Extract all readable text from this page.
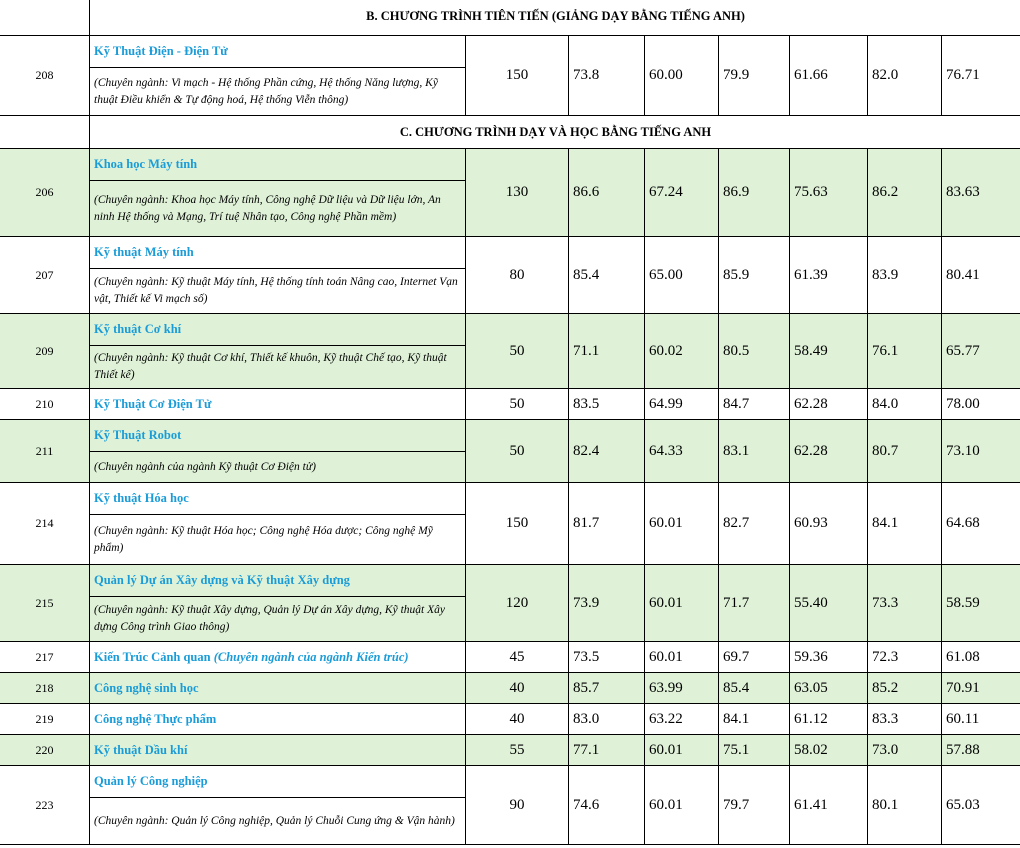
	B. CHƯƠNG TRÌNH TIÊN TIẾN (GIẢNG DẠY BẰNG TIẾNG ANH)							
208	Kỹ Thuật Điện - Điện Tử	150	73.8	60.00	79.9	61.66	82.0	76.71
	(Chuyên ngành: Vi mạch - Hệ thống Phần cứng, Hệ thống Năng lượng, Kỹ thuật Điều khiển & Tự động hoá, Hệ thống Viễn thông)							
	C. CHƯƠNG TRÌNH DẠY VÀ HỌC BẰNG TIẾNG ANH							
206	Khoa học Máy tính	130	86.6	67.24	86.9	75.63	86.2	83.63
	(Chuyên ngành: Khoa học Máy tính, Công nghệ Dữ liệu và Dữ liệu lớn, An ninh Hệ thống và Mạng, Trí tuệ Nhân tạo, Công nghệ Phần mềm)							
207	Kỹ thuật Máy tính	80	85.4	65.00	85.9	61.39	83.9	80.41
	(Chuyên ngành: Kỹ thuật Máy tính, Hệ thống tính toán Nâng cao, Internet Vạn vật, Thiết kế Vi mạch số)							
209	Kỹ thuật Cơ khí	50	71.1	60.02	80.5	58.49	76.1	65.77
	(Chuyên ngành: Kỹ thuật Cơ khí, Thiết kế khuôn, Kỹ thuật Chế tạo, Kỹ thuật Thiết kế)							
210	Kỹ Thuật Cơ Điện Tử	50	83.5	64.99	84.7	62.28	84.0	78.00
211	Kỹ Thuật Robot	50	82.4	64.33	83.1	62.28	80.7	73.10
	(Chuyên ngành của ngành Kỹ thuật Cơ Điện tử)							
214	Kỹ thuật Hóa học	150	81.7	60.01	82.7	60.93	84.1	64.68
	(Chuyên ngành: Kỹ thuật Hóa học; Công nghệ Hóa dược; Công nghệ Mỹ phẩm)							
215	Quản lý Dự án Xây dựng và Kỹ thuật Xây dựng	120	73.9	60.01	71.7	55.40	73.3	58.59
	(Chuyên ngành: Kỹ thuật Xây dựng, Quản lý Dự án Xây dựng, Kỹ thuật Xây dựng Công trình Giao thông)							
217	Kiến Trúc Cảnh quan (Chuyên ngành của ngành Kiến trúc)	45	73.5	60.01	69.7	59.36	72.3	61.08
218	Công nghệ sinh học	40	85.7	63.99	85.4	63.05	85.2	70.91
219	Công nghệ Thực phẩm	40	83.0	63.22	84.1	61.12	83.3	60.11
220	Kỹ thuật Dầu khí	55	77.1	60.01	75.1	58.02	73.0	57.88
223	Quản lý Công nghiệp	90	74.6	60.01	79.7	61.41	80.1	65.03
	(Chuyên ngành: Quản lý Công nghiệp, Quản lý Chuỗi Cung ứng & Vận hành)							
